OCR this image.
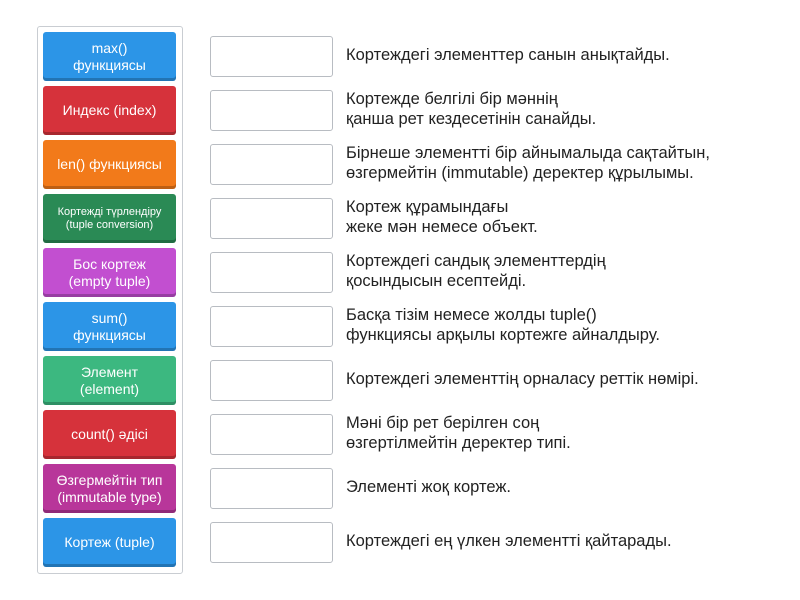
max()
функциясы
Индекс (index)
len() функциясы
Кортежді түрлендіру
(tuple conversion)
Бос кортеж
(empty tuple)
sum()
функциясы
Элемент
(element)
count() әдісі
Өзгермейтін тип
(immutable type)
Кортеж (tuple)
Кортеждегі элементтер санын анықтайды.
Кортежде белгілі бір мәннің
қанша рет кездесетінін санайды.
Бірнеше элементті бір айнымалыда сақтайтын,
өзгермейтін (immutable) деректер құрылымы.
Кортеж құрамындағы
жеке мән немесе объект.
Кортеждегі сандық элементтердің
қосындысын есептейді.
Басқа тізім немесе жолды tuple()
функциясы арқылы кортежге айналдыру.
Кортеждегі элементтің орналасу реттік нөмірі.
Мәні бір рет берілген соң
өзгертілмейтін деректер типі.
Элементі жоқ кортеж.
Кортеждегі ең үлкен элементті қайтарады.
